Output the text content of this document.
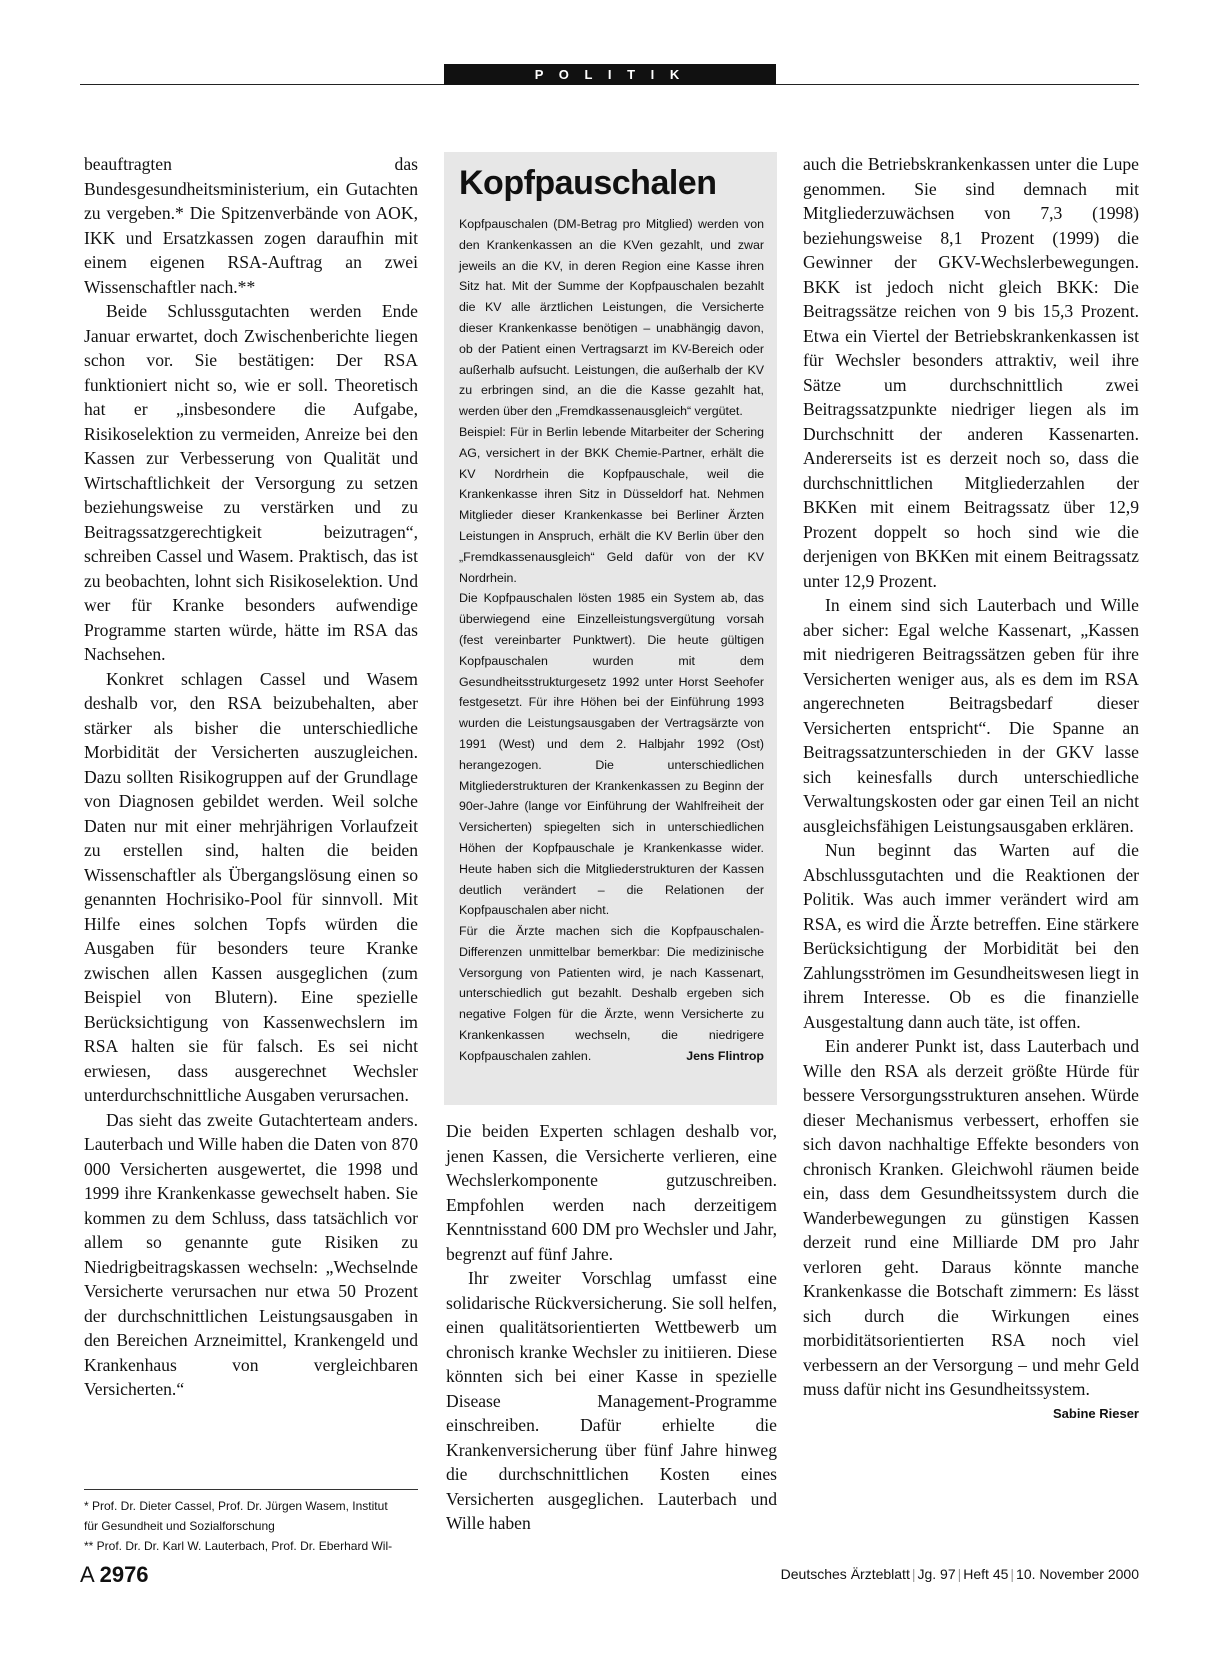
P O L I T I K

beauftragten das Bundesgesundheitsministerium, ein Gutachten zu vergeben.* Die Spitzenverbände von AOK, IKK und Ersatzkassen zogen daraufhin mit einem eigenen RSA-Auftrag an zwei Wissenschaftler nach.**

Beide Schlussgutachten werden Ende Januar erwartet, doch Zwischenberichte liegen schon vor. Sie bestätigen: Der RSA funktioniert nicht so, wie er soll. Theoretisch hat er „insbesondere die Aufgabe, Risikoselektion zu vermeiden, Anreize bei den Kassen zur Verbesserung von Qualität und Wirtschaftlichkeit der Versorgung zu setzen beziehungsweise zu verstärken und zu Beitragssatzgerechtigkeit beizutragen“, schreiben Cassel und Wasem. Praktisch, das ist zu beobachten, lohnt sich Risikoselektion. Und wer für Kranke besonders aufwendige Programme starten würde, hätte im RSA das Nachsehen.

Konkret schlagen Cassel und Wasem deshalb vor, den RSA beizubehalten, aber stärker als bisher die unterschiedliche Morbidität der Versicherten auszugleichen. Dazu sollten Risikogruppen auf der Grundlage von Diagnosen gebildet werden. Weil solche Daten nur mit einer mehrjährigen Vorlaufzeit zu erstellen sind, halten die beiden Wissenschaftler als Übergangslösung einen so genannten Hochrisiko-Pool für sinnvoll. Mit Hilfe eines solchen Topfs würden die Ausgaben für besonders teure Kranke zwischen allen Kassen ausgeglichen (zum Beispiel von Blutern). Eine spezielle Berücksichtigung von Kassenwechslern im RSA halten sie für falsch. Es sei nicht erwiesen, dass ausgerechnet Wechsler unterdurchschnittliche Ausgaben verursachen.

Das sieht das zweite Gutachterteam anders. Lauterbach und Wille haben die Daten von 870 000 Versicherten ausgewertet, die 1998 und 1999 ihre Krankenkasse gewechselt haben. Sie kommen zu dem Schluss, dass tatsächlich vor allem so genannte gute Risiken zu Niedrigbeitragskassen wechseln: „Wechselnde Versicherte verursachen nur etwa 50 Prozent der durchschnittlichen Leistungsausgaben in den Bereichen Arzneimittel, Krankengeld und Krankenhaus von vergleichbaren Versicherten.“

* Prof. Dr. Dieter Cassel, Prof. Dr. Jürgen Wasem, Institut
für Gesundheit und Sozialforschung
** Prof. Dr. Dr. Karl W. Lauterbach, Prof. Dr. Eberhard Wil-
Kopfpauschalen

Kopfpauschalen (DM-Betrag pro Mitglied) werden von den Krankenkassen an die KVen gezahlt, und zwar jeweils an die KV, in deren Region eine Kasse ihren Sitz hat. Mit der Summe der Kopfpauschalen bezahlt die KV alle ärztlichen Leistungen, die Versicherte dieser Krankenkasse benötigen – unabhängig davon, ob der Patient einen Vertragsarzt im KV-Bereich oder außerhalb aufsucht. Leistungen, die außerhalb der KV zu erbringen sind, an die die Kasse gezahlt hat, werden über den „Fremdkassenausgleich“ vergütet.

Beispiel: Für in Berlin lebende Mitarbeiter der Schering AG, versichert in der BKK Chemie-Partner, erhält die KV Nordrhein die Kopfpauschale, weil die Krankenkasse ihren Sitz in Düsseldorf hat. Nehmen Mitglieder dieser Krankenkasse bei Berliner Ärzten Leistungen in Anspruch, erhält die KV Berlin über den „Fremdkassenausgleich“ Geld dafür von der KV Nordrhein.

Die Kopfpauschalen lösten 1985 ein System ab, das überwiegend eine Einzelleistungsvergütung vorsah (fest vereinbarter Punktwert). Die heute gültigen Kopfpauschalen wurden mit dem Gesundheitsstrukturgesetz 1992 unter Horst Seehofer festgesetzt. Für ihre Höhen bei der Einführung 1993 wurden die Leistungsausgaben der Vertragsärzte von 1991 (West) und dem 2. Halbjahr 1992 (Ost) herangezogen. Die unterschiedlichen Mitgliederstrukturen der Krankenkassen zu Beginn der 90er-Jahre (lange vor Einführung der Wahlfreiheit der Versicherten) spiegelten sich in unterschiedlichen Höhen der Kopfpauschale je Krankenkasse wider. Heute haben sich die Mitgliederstrukturen der Kassen deutlich verändert – die Relationen der Kopfpauschalen aber nicht.

Für die Ärzte machen sich die Kopfpauschalen-Differenzen unmittelbar bemerkbar: Die medizinische Versorgung von Patienten wird, je nach Kassenart, unterschiedlich gut bezahlt. Deshalb ergeben sich negative Folgen für die Ärzte, wenn Versicherte zu Krankenkassen wechseln, die niedrigere Kopfpauschalen zahlen.	Jens Flintrop

Die beiden Experten schlagen deshalb vor, jenen Kassen, die Versicherte verlieren, eine Wechslerkomponente gutzuschreiben. Empfohlen werden nach derzeitigem Kenntnisstand 600 DM pro Wechsler und Jahr, begrenzt auf fünf Jahre.

Ihr zweiter Vorschlag umfasst eine solidarische Rückversicherung. Sie soll helfen, einen qualitätsorientierten Wettbewerb um chronisch kranke Wechsler zu initiieren. Diese könnten sich bei einer Kasse in spezielle Disease Management-Programme einschreiben. Dafür erhielte die Krankenversicherung über fünf Jahre hinweg die durchschnittlichen Kosten eines Versicherten ausgeglichen. Lauterbach und Wille haben

auch die Betriebskrankenkassen unter die Lupe genommen. Sie sind demnach mit Mitgliederzuwächsen von 7,3 (1998) beziehungsweise 8,1 Prozent (1999) die Gewinner der GKV-Wechslerbewegungen. BKK ist jedoch nicht gleich BKK: Die Beitragssätze reichen von 9 bis 15,3 Prozent. Etwa ein Viertel der Betriebskrankenkassen ist für Wechsler besonders attraktiv, weil ihre Sätze um durchschnittlich zwei Beitragssatzpunkte niedriger liegen als im Durchschnitt der anderen Kassenarten. Andererseits ist es derzeit noch so, dass die durchschnittlichen Mitgliederzahlen der BKKen mit einem Beitragssatz über 12,9 Prozent doppelt so hoch sind wie die derjenigen von BKKen mit einem Beitragssatz unter 12,9 Prozent.

In einem sind sich Lauterbach und Wille aber sicher: Egal welche Kassenart, „Kassen mit niedrigeren Beitragssätzen geben für ihre Versicherten weniger aus, als es dem im RSA angerechneten Beitragsbedarf dieser Versicherten entspricht“. Die Spanne an Beitragssatzunterschieden in der GKV lasse sich keinesfalls durch unterschiedliche Verwaltungskosten oder gar einen Teil an nicht ausgleichsfähigen Leistungsausgaben erklären.

Nun beginnt das Warten auf die Abschlussgutachten und die Reaktionen der Politik. Was auch immer verändert wird am RSA, es wird die Ärzte betreffen. Eine stärkere Berücksichtigung der Morbidität bei den Zahlungsströmen im Gesundheitswesen liegt in ihrem Interesse. Ob es die finanzielle Ausgestaltung dann auch täte, ist offen.

Ein anderer Punkt ist, dass Lauterbach und Wille den RSA als derzeit größte Hürde für bessere Versorgungsstrukturen ansehen. Würde dieser Mechanismus verbessert, erhoffen sie sich davon nachhaltige Effekte besonders von chronisch Kranken. Gleichwohl räumen beide ein, dass dem Gesundheitssystem durch die Wanderbewegungen zu günstigen Kassen derzeit rund eine Milliarde DM pro Jahr verloren geht. Daraus könnte manche Krankenkasse die Botschaft zimmern: Es lässt sich durch die Wirkungen eines morbiditätsorientierten RSA noch viel verbessern an der Versorgung – und mehr Geld muss dafür nicht ins Gesundheitssystem.
Sabine Rieser

A 2976	Deutsches Ärzteblatt | Jg. 97 | Heft 45 | 10. November 2000
